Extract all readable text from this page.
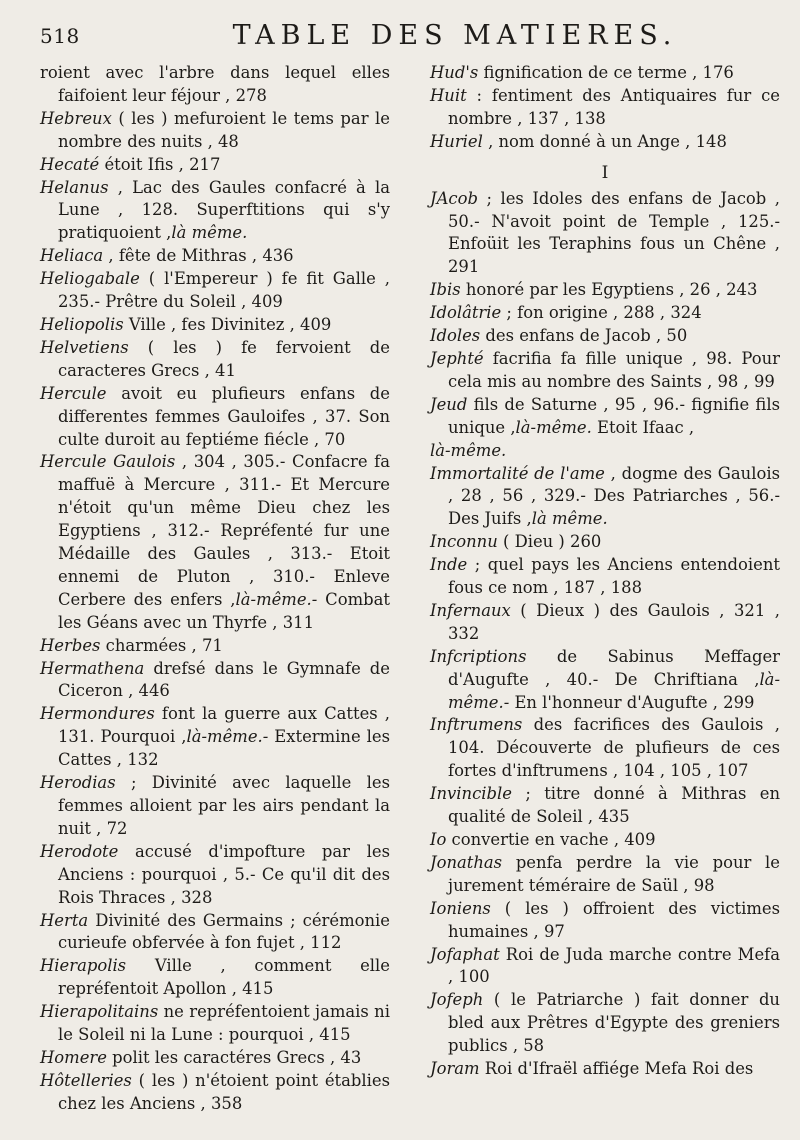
518	TABLE DES MATIERES.
roient avec l'arbre dans lequel elles faifoient leur féjour , 278
Hebreux ( les ) mefuroient le tems par le nombre des nuits , 48
Hecaté étoit Ifis , 217
Helanus , Lac des Gaules confacré à la Lune , 128. Superftitions qui s'y pratiquoient ,là même.
Heliaca , fête de Mithras , 436
Heliogabale ( l'Empereur ) fe fit Galle , 235.- Prêtre du Soleil , 409
Heliopolis Ville , fes Divinitez , 409
Helvetiens ( les ) fe fervoient de caracteres Grecs , 41
Hercule avoit eu plufieurs enfans de differentes femmes Gauloifes , 37. Son culte duroit au feptiéme fiécle , 70
Hercule Gaulois , 304 , 305.- Confacre fa maffuë à Mercure , 311.- Et Mercure n'étoit qu'un même Dieu chez les Egyptiens , 312.- Repréfenté fur une Médaille des Gaules , 313.- Etoit ennemi de Pluton , 310.- Enleve Cerbere des enfers ,là-même.- Combat les Géans avec un Thyrfe , 311
Herbes charmées , 71
Hermathena drefsé dans le Gymnafe de Ciceron , 446
Hermondures font la guerre aux Cattes , 131. Pourquoi ,là-même.- Extermine les Cattes , 132
Herodias ; Divinité avec laquelle les femmes alloient par les airs pendant la nuit , 72
Herodote accusé d'impofture par les Anciens : pourquoi , 5.- Ce qu'il dit des Rois Thraces , 328
Herta Divinité des Germains ; cérémonie curieufe obfervée à fon fujet , 112
Hierapolis Ville , comment elle repréfentoit Apollon , 415
Hierapolitains ne repréfentoient jamais ni le Soleil ni la Lune : pourquoi , 415
Homere polit les caractéres Grecs , 43
Hôtelleries ( les ) n'étoient point établies chez les Anciens , 358
Hud's fignification de ce terme , 176
Huit : fentiment des Antiquaires fur ce nombre , 137 , 138
Huriel , nom donné à un Ange , 148
I
JAcob ; les Idoles des enfans de Jacob , 50.- N'avoit point de Temple , 125.- Enfoüit les Teraphins fous un Chêne , 291
Ibis honoré par les Egyptiens , 26 , 243
Idolâtrie ; fon origine , 288 , 324
Idoles des enfans de Jacob , 50
Jephté facrifia fa fille unique , 98. Pour cela mis au nombre des Saints , 98 , 99
Jeud fils de Saturne , 95 , 96.- fignifie fils unique ,là-même. Etoit Ifaac ,
là-même.
Immortalité de l'ame , dogme des Gaulois , 28 , 56 , 329.- Des Patriarches , 56.- Des Juifs ,là même.
Inconnu ( Dieu ) 260
Inde ; quel pays les Anciens entendoient fous ce nom , 187 , 188
Infernaux ( Dieux ) des Gaulois , 321 , 332
Infcriptions de Sabinus Meffager d'Augufte , 40.- De Chriftiana ,là-même.- En l'honneur d'Augufte , 299
Inftrumens des facrifices des Gaulois , 104. Découverte de plufieurs de ces fortes d'inftrumens , 104 , 105 , 107
Invincible ; titre donné à Mithras en qualité de Soleil , 435
Io convertie en vache , 409
Jonathas penfa perdre la vie pour le jurement téméraire de Saül , 98
Ioniens ( les ) offroient des victimes humaines , 97
Jofaphat Roi de Juda marche contre Mefa , 100
Jofeph ( le Patriarche ) fait donner du bled aux Prêtres d'Egypte des greniers publics , 58
Joram Roi d'Ifraël affiége Mefa Roi des
